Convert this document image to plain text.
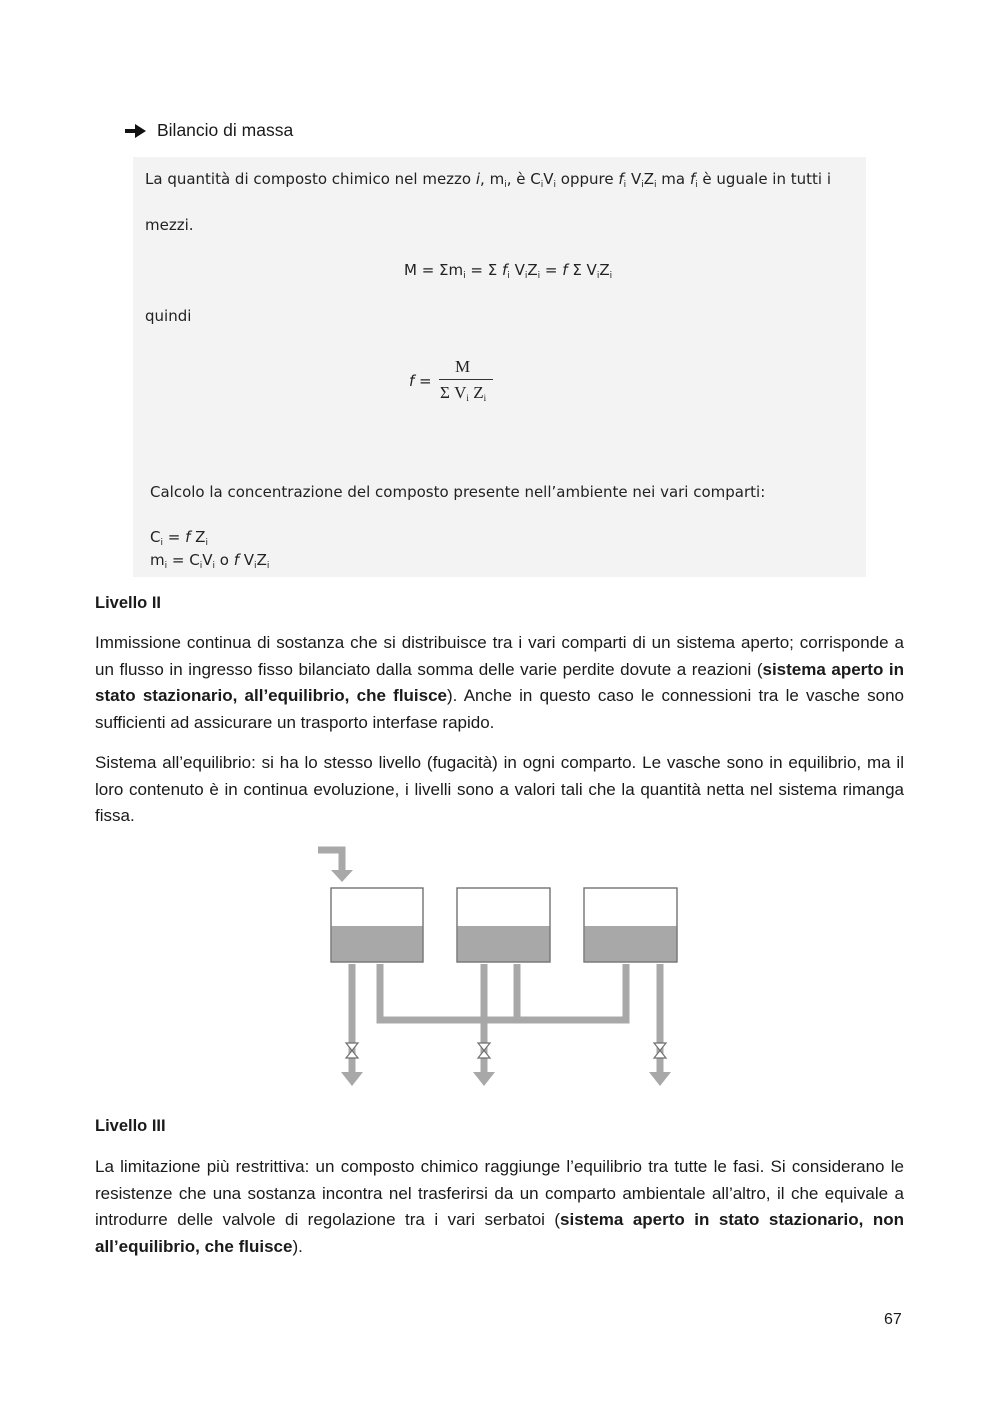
Bilancio di massa
La quantità di composto chimico nel mezzo i, $m_i$, è $C_iV_i$ oppure $f_i$ $V_iZ_i$ ma $f_i$ è uguale in tutti i
mezzi.
$M = \Sigma m_i = \Sigma$ $f_i$ $V_iZ_i = f$ Σ $V_iZ_i$
quindi
f =
M
Σ $V_i$ $Z_i$
Calcolo la concentrazione del composto presente nell’ambiente nei vari comparti:
$C_i = f$ $Z_i$
$m_i = C_iV_i$ o f $V_iZ_i$
Livello II

Immissione continua di sostanza che si distribuisce tra i vari comparti di un sistema aperto; corrisponde a un flusso in ingresso fisso bilanciato dalla somma delle varie perdite dovute a reazioni (sistema aperto in stato stazionario, all’equilibrio, che fluisce). Anche in questo caso le connessioni tra le vasche sono sufficienti ad assicurare un trasporto interfase rapido.

Sistema all’equilibrio: si ha lo stesso livello (fugacità) in ogni comparto. Le vasche sono in equilibrio, ma il loro contenuto è in continua evoluzione, i livelli sono a valori tali che la quantità netta nel sistema rimanga fissa.

Livello III

La limitazione più restrittiva: un composto chimico raggiunge l’equilibrio tra tutte le fasi. Si considerano le resistenze che una sostanza incontra nel trasferirsi da un comparto ambientale all’altro, il che equivale a introdurre delle valvole di regolazione tra i vari serbatoi (sistema aperto in stato stazionario, non all’equilibrio, che fluisce).

67
